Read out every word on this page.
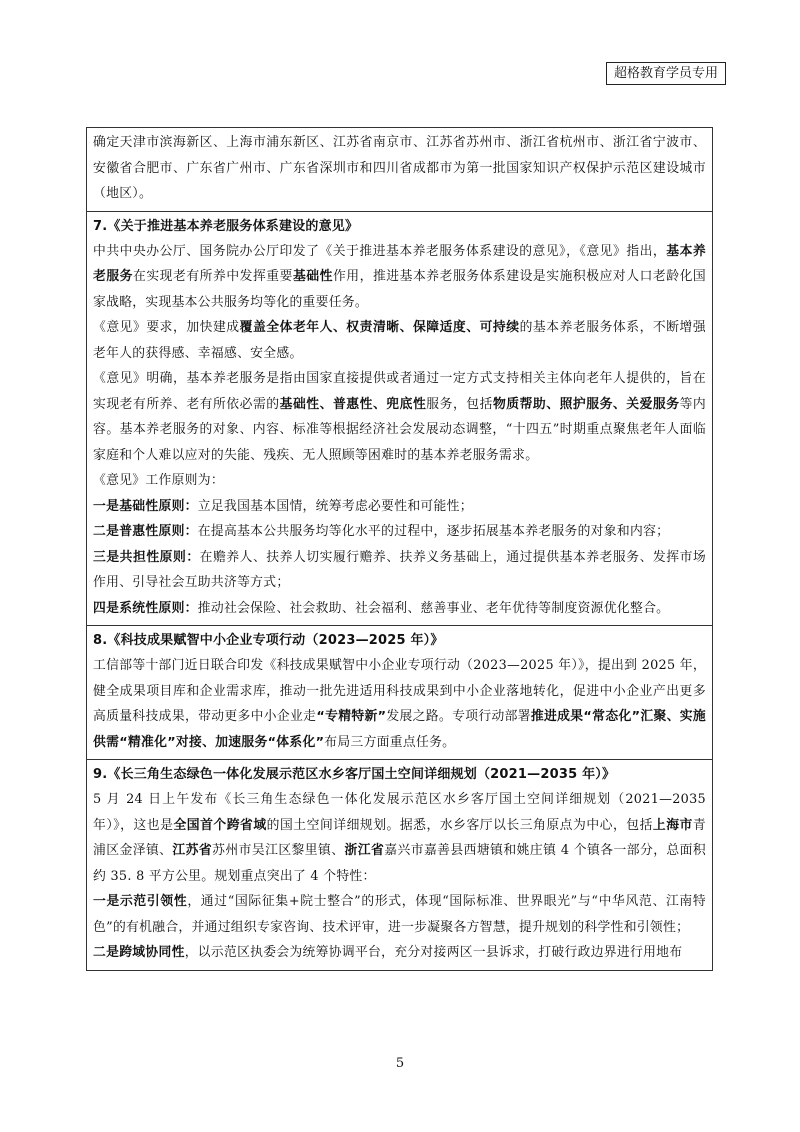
超格教育学员专用

确定天津市滨海新区、上海市浦东新区、江苏省南京市、江苏省苏州市、浙江省杭州市、浙江省宁波市、安徽省合肥市、广东省广州市、广东省深圳市和四川省成都市为第一批国家知识产权保护示范区建设城市（地区）。

7.《关于推进基本养老服务体系建设的意见》

中共中央办公厅、国务院办公厅印发了《关于推进基本养老服务体系建设的意见》，《意见》指出，基本养老服务在实现老有所养中发挥重要基础性作用，推进基本养老服务体系建设是实施积极应对人口老龄化国家战略，实现基本公共服务均等化的重要任务。

《意见》要求，加快建成覆盖全体老年人、权责清晰、保障适度、可持续的基本养老服务体系，不断增强老年人的获得感、幸福感、安全感。

《意见》明确，基本养老服务是指由国家直接提供或者通过一定方式支持相关主体向老年人提供的，旨在实现老有所养、老有所依必需的基础性、普惠性、兜底性服务，包括物质帮助、照护服务、关爱服务等内容。基本养老服务的对象、内容、标准等根据经济社会发展动态调整，“十四五”时期重点聚焦老年人面临家庭和个人难以应对的失能、残疾、无人照顾等困难时的基本养老服务需求。

《意见》工作原则为：

一是基础性原则：立足我国基本国情，统筹考虑必要性和可能性；

二是普惠性原则：在提高基本公共服务均等化水平的过程中，逐步拓展基本养老服务的对象和内容；

三是共担性原则：在赡养人、扶养人切实履行赡养、扶养义务基础上，通过提供基本养老服务、发挥市场作用、引导社会互助共济等方式；

四是系统性原则：推动社会保险、社会救助、社会福利、慈善事业、老年优待等制度资源优化整合。

8.《科技成果赋智中小企业专项行动（2023—2025 年）》

工信部等十部门近日联合印发《科技成果赋智中小企业专项行动（2023—2025 年）》，提出到 2025 年，健全成果项目库和企业需求库，推动一批先进适用科技成果到中小企业落地转化，促进中小企业产出更多高质量科技成果，带动更多中小企业走“专精特新”发展之路。专项行动部署推进成果“常态化”汇聚、实施供需“精准化”对接、加速服务“体系化”布局三方面重点任务。

9.《长三角生态绿色一体化发展示范区水乡客厅国土空间详细规划（2021—2035 年）》

5 月 24 日上午发布《长三角生态绿色一体化发展示范区水乡客厅国土空间详细规划（2021—2035 年）》，这也是全国首个跨省域的国土空间详细规划。据悉，水乡客厅以长三角原点为中心，包括上海市青浦区金泽镇、江苏省苏州市吴江区黎里镇、浙江省嘉兴市嘉善县西塘镇和姚庄镇 4 个镇各一部分，总面积约 35. 8 平方公里。规划重点突出了 4 个特性：

一是示范引领性，通过“国际征集+院士整合”的形式，体现“国际标准、世界眼光”与“中华风范、江南特色”的有机融合，并通过组织专家咨询、技术评审，进一步凝聚各方智慧，提升规划的科学性和引领性；

二是跨域协同性，以示范区执委会为统筹协调平台，充分对接两区一县诉求，打破行政边界进行用地布

5
